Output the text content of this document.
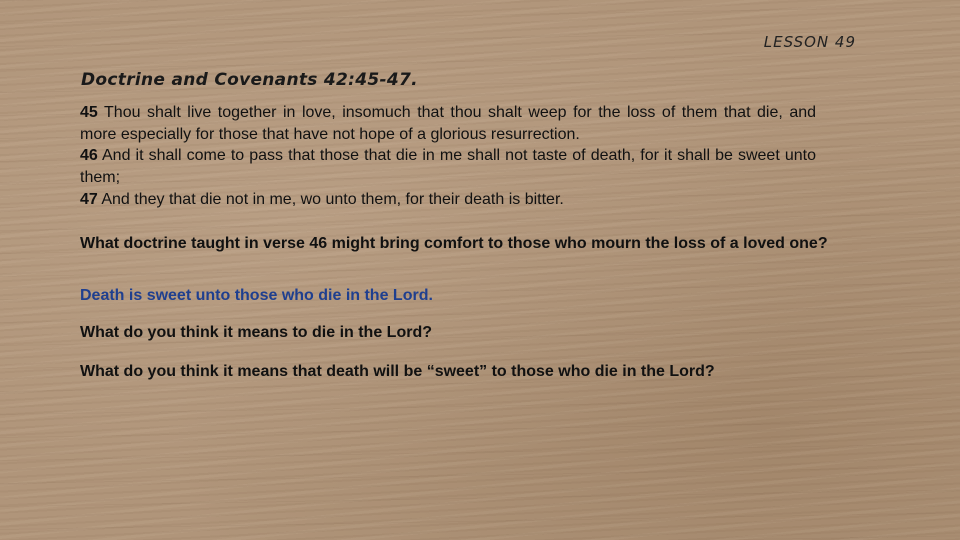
LESSON 49
Doctrine and Covenants 42:45-47.
45 Thou shalt live together in love, insomuch that thou shalt weep for the loss of them that die, and more especially for those that have not hope of a glorious resurrection.
46 And it shall come to pass that those that die in me shall not taste of death, for it shall be sweet unto them;
47 And they that die not in me, wo unto them, for their death is bitter.
What doctrine taught in verse 46 might bring comfort to those who mourn the loss of a loved one?
Death is sweet unto those who die in the Lord.
What do you think it means to die in the Lord?
What do you think it means that death will be “sweet” to those who die in the Lord?
